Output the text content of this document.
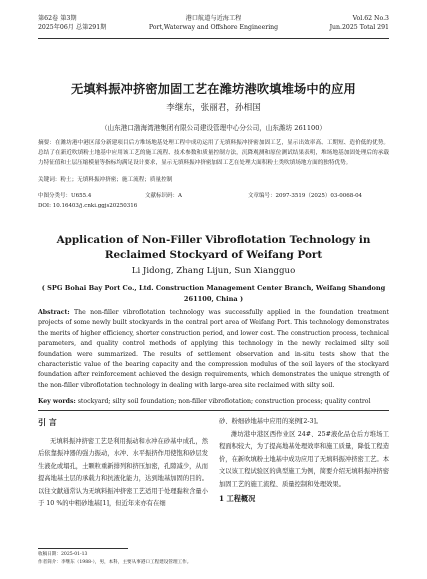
第62卷 第3期
2025年06月 总第291期
港口航道与近海工程
Port,Waterway and Offshore Engineering
Vol.62 No.3
Jun.2025 Total 291
无填料振冲挤密加固工艺在潍坊港吹填堆场中的应用
李继东，张丽君，孙相国
（山东港口渤海湾港集团有限公司建设管理中心分公司，山东潍坊 261100）
摘要：在潍坊港中港区部分新建项目后方堆场地基处理工程中成功运用了无填料振冲挤密加固工艺，显示出效率高、工期短、造价低的优势。总结了在新近吹填粉土地基中应用该工艺的施工流程、技术参数和质量控制方法，沉降观测和原位测试结果表明，堆场地基加固处理后的承载力特征值和土层压缩模量等指标均满足设计要求，显示无填料振冲挤密加固工艺在处理大面积粉土类吹填场地方面的独特优势。
关键词：粉土；无填料振冲挤密；施工流程；质量控制
中图分类号：U655.4	文献标识码：A	文章编号：2097-3519（2025）03-0068-04
DOI: 10.16403/j.cnki.ggjs20250316
Application of Non-Filler Vibroflotation Technology in Reclaimed Stockyard of Weifang Port
Li Jidong, Zhang Lijun, Sun Xiangguo
( SPG Bohai Bay Port Co., Ltd. Construction Management Center Branch, Weifang Shandong 261100, China )
Abstract: The non-filler vibroflotation technology was successfully applied in the foundation treatment projects of some newly built stockyards in the central port area of Weifang Port. This technology demonstrates the merits of higher efficiency, shorter construction period, and lower cost. The construction process, technical parameters, and quality control methods of applying this technology in the newly reclaimed silty soil foundation were summarized. The results of settlement observation and in-situ tests show that the characteristic value of the bearing capacity and the compression modulus of the soil layers of the stockyard foundation after reinforcement achieved the design requirements, which demonstrates the unique strength of the non-filler vibroflotation technology in dealing with large-area site reclaimed with silty soil.
Key words: stockyard; silty soil foundation; non-filler vibroflotation; construction process; quality control
引 言

无填料振冲挤密工艺是利用振动和水冲在砂基中成孔，然后依靠振冲器的强力振动，水冲、水平振挤作用使饱和砂层发生液化或塌孔，土颗粒重新排列和挤压加密，孔隙减少，从而提高地基土层的承载力和抗液化能力，达到地基加固的目的。以往文献通常认为无填料振冲挤密工艺适用于处理黏粒含量小于 10 %的中粗砂地基[1]，但近年来亦有在细

砂、粉细砂地基中应用的案例[2-3]。

潍坊港中港区西作业区 24#、25#液化品仓后方堆场工程面积较大，为了提高地基处理效率和施工质量，降低工程造价，在新吹填粉土地基中成功应用了无填料振冲挤密工艺。本文以该工程试验区的典型施工为例，简要介绍无填料振冲挤密加固工艺的施工流程、质量控制和处理效果。

1 工程概况
收稿日期：2025-01-13
作者简介：李继东（1988-），男，本科，主要从事港口工程建设管理工作。
